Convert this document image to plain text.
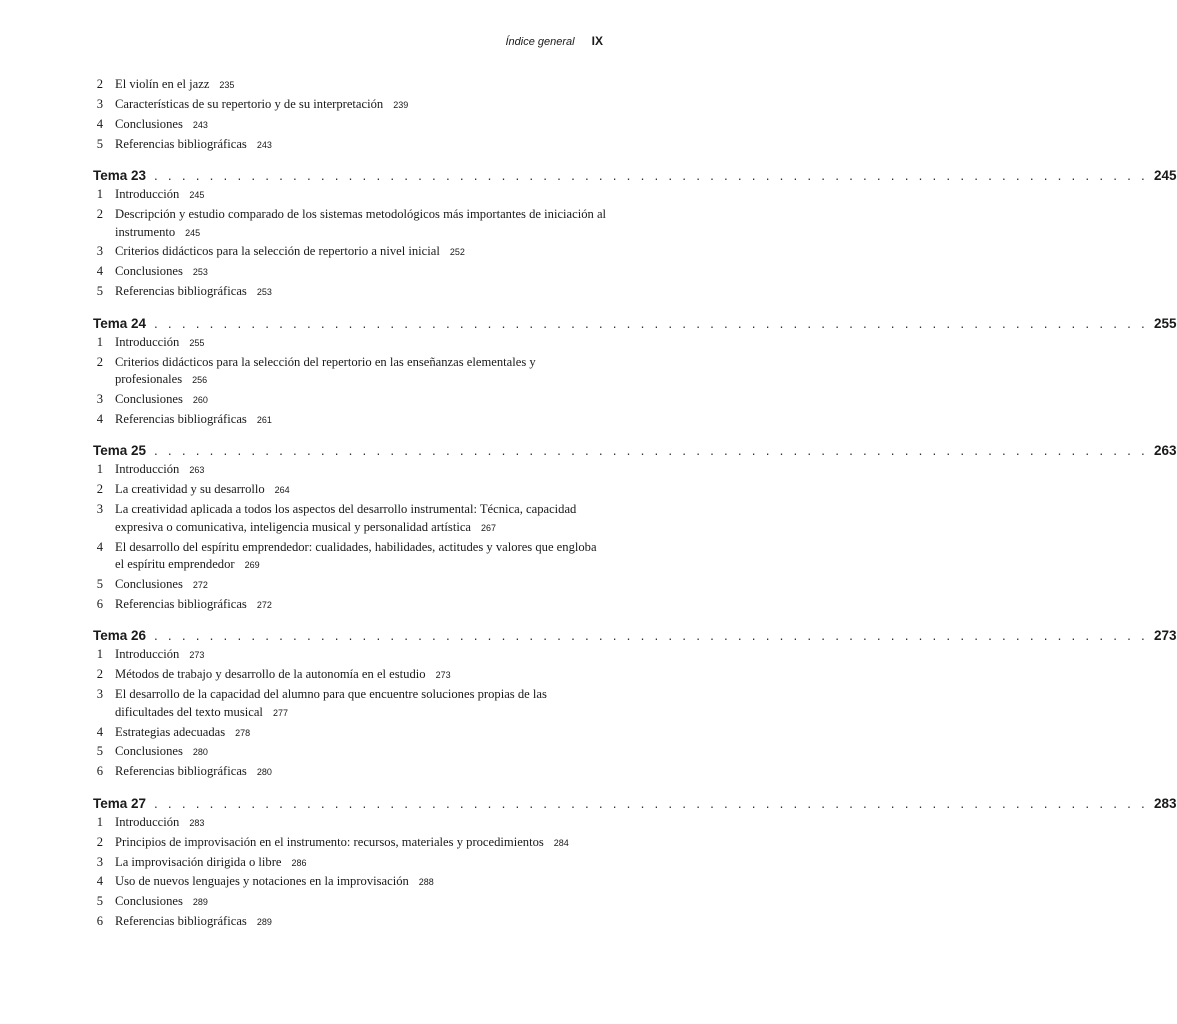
Índice general IX
2 El violín en el jazz 235
3 Características de su repertorio y de su interpretación 239
4 Conclusiones 243
5 Referencias bibliográficas 243
Tema 23 . . . . . . . . . . . . . . . . . . . . . . . . . . . . . . . . . . . . . . . . . . . . . . . . . . . . . . . . . . . . . . . . . . . . . . . . 245
1 Introducción 245
2 Descripción y estudio comparado de los sistemas metodológicos más importantes de iniciación al instrumento 245
3 Criterios didácticos para la selección de repertorio a nivel inicial 252
4 Conclusiones 253
5 Referencias bibliográficas 253
Tema 24 . . . . . . . . . . . . . . . . . . . . . . . . . . . . . . . . . . . . . . . . . . . . . . . . . . . . . . . . . . . . . . . . . . . . . . . . 255
1 Introducción 255
2 Criterios didácticos para la selección del repertorio en las enseñanzas elementales y profesionales 256
3 Conclusiones 260
4 Referencias bibliográficas 261
Tema 25 . . . . . . . . . . . . . . . . . . . . . . . . . . . . . . . . . . . . . . . . . . . . . . . . . . . . . . . . . . . . . . . . . . . . . . . . 263
1 Introducción 263
2 La creatividad y su desarrollo 264
3 La creatividad aplicada a todos los aspectos del desarrollo instrumental: Técnica, capacidad expresiva o comunicativa, inteligencia musical y personalidad artística 267
4 El desarrollo del espíritu emprendedor: cualidades, habilidades, actitudes y valores que engloba el espíritu emprendedor 269
5 Conclusiones 272
6 Referencias bibliográficas 272
Tema 26 . . . . . . . . . . . . . . . . . . . . . . . . . . . . . . . . . . . . . . . . . . . . . . . . . . . . . . . . . . . . . . . . . . . . . . . . 273
1 Introducción 273
2 Métodos de trabajo y desarrollo de la autonomía en el estudio 273
3 El desarrollo de la capacidad del alumno para que encuentre soluciones propias de las dificultades del texto musical 277
4 Estrategias adecuadas 278
5 Conclusiones 280
6 Referencias bibliográficas 280
Tema 27 . . . . . . . . . . . . . . . . . . . . . . . . . . . . . . . . . . . . . . . . . . . . . . . . . . . . . . . . . . . . . . . . . . . . . . . . 283
1 Introducción 283
2 Principios de improvisación en el instrumento: recursos, materiales y procedimientos 284
3 La improvisación dirigida o libre 286
4 Uso de nuevos lenguajes y notaciones en la improvisación 288
5 Conclusiones 289
6 Referencias bibliográficas 289
